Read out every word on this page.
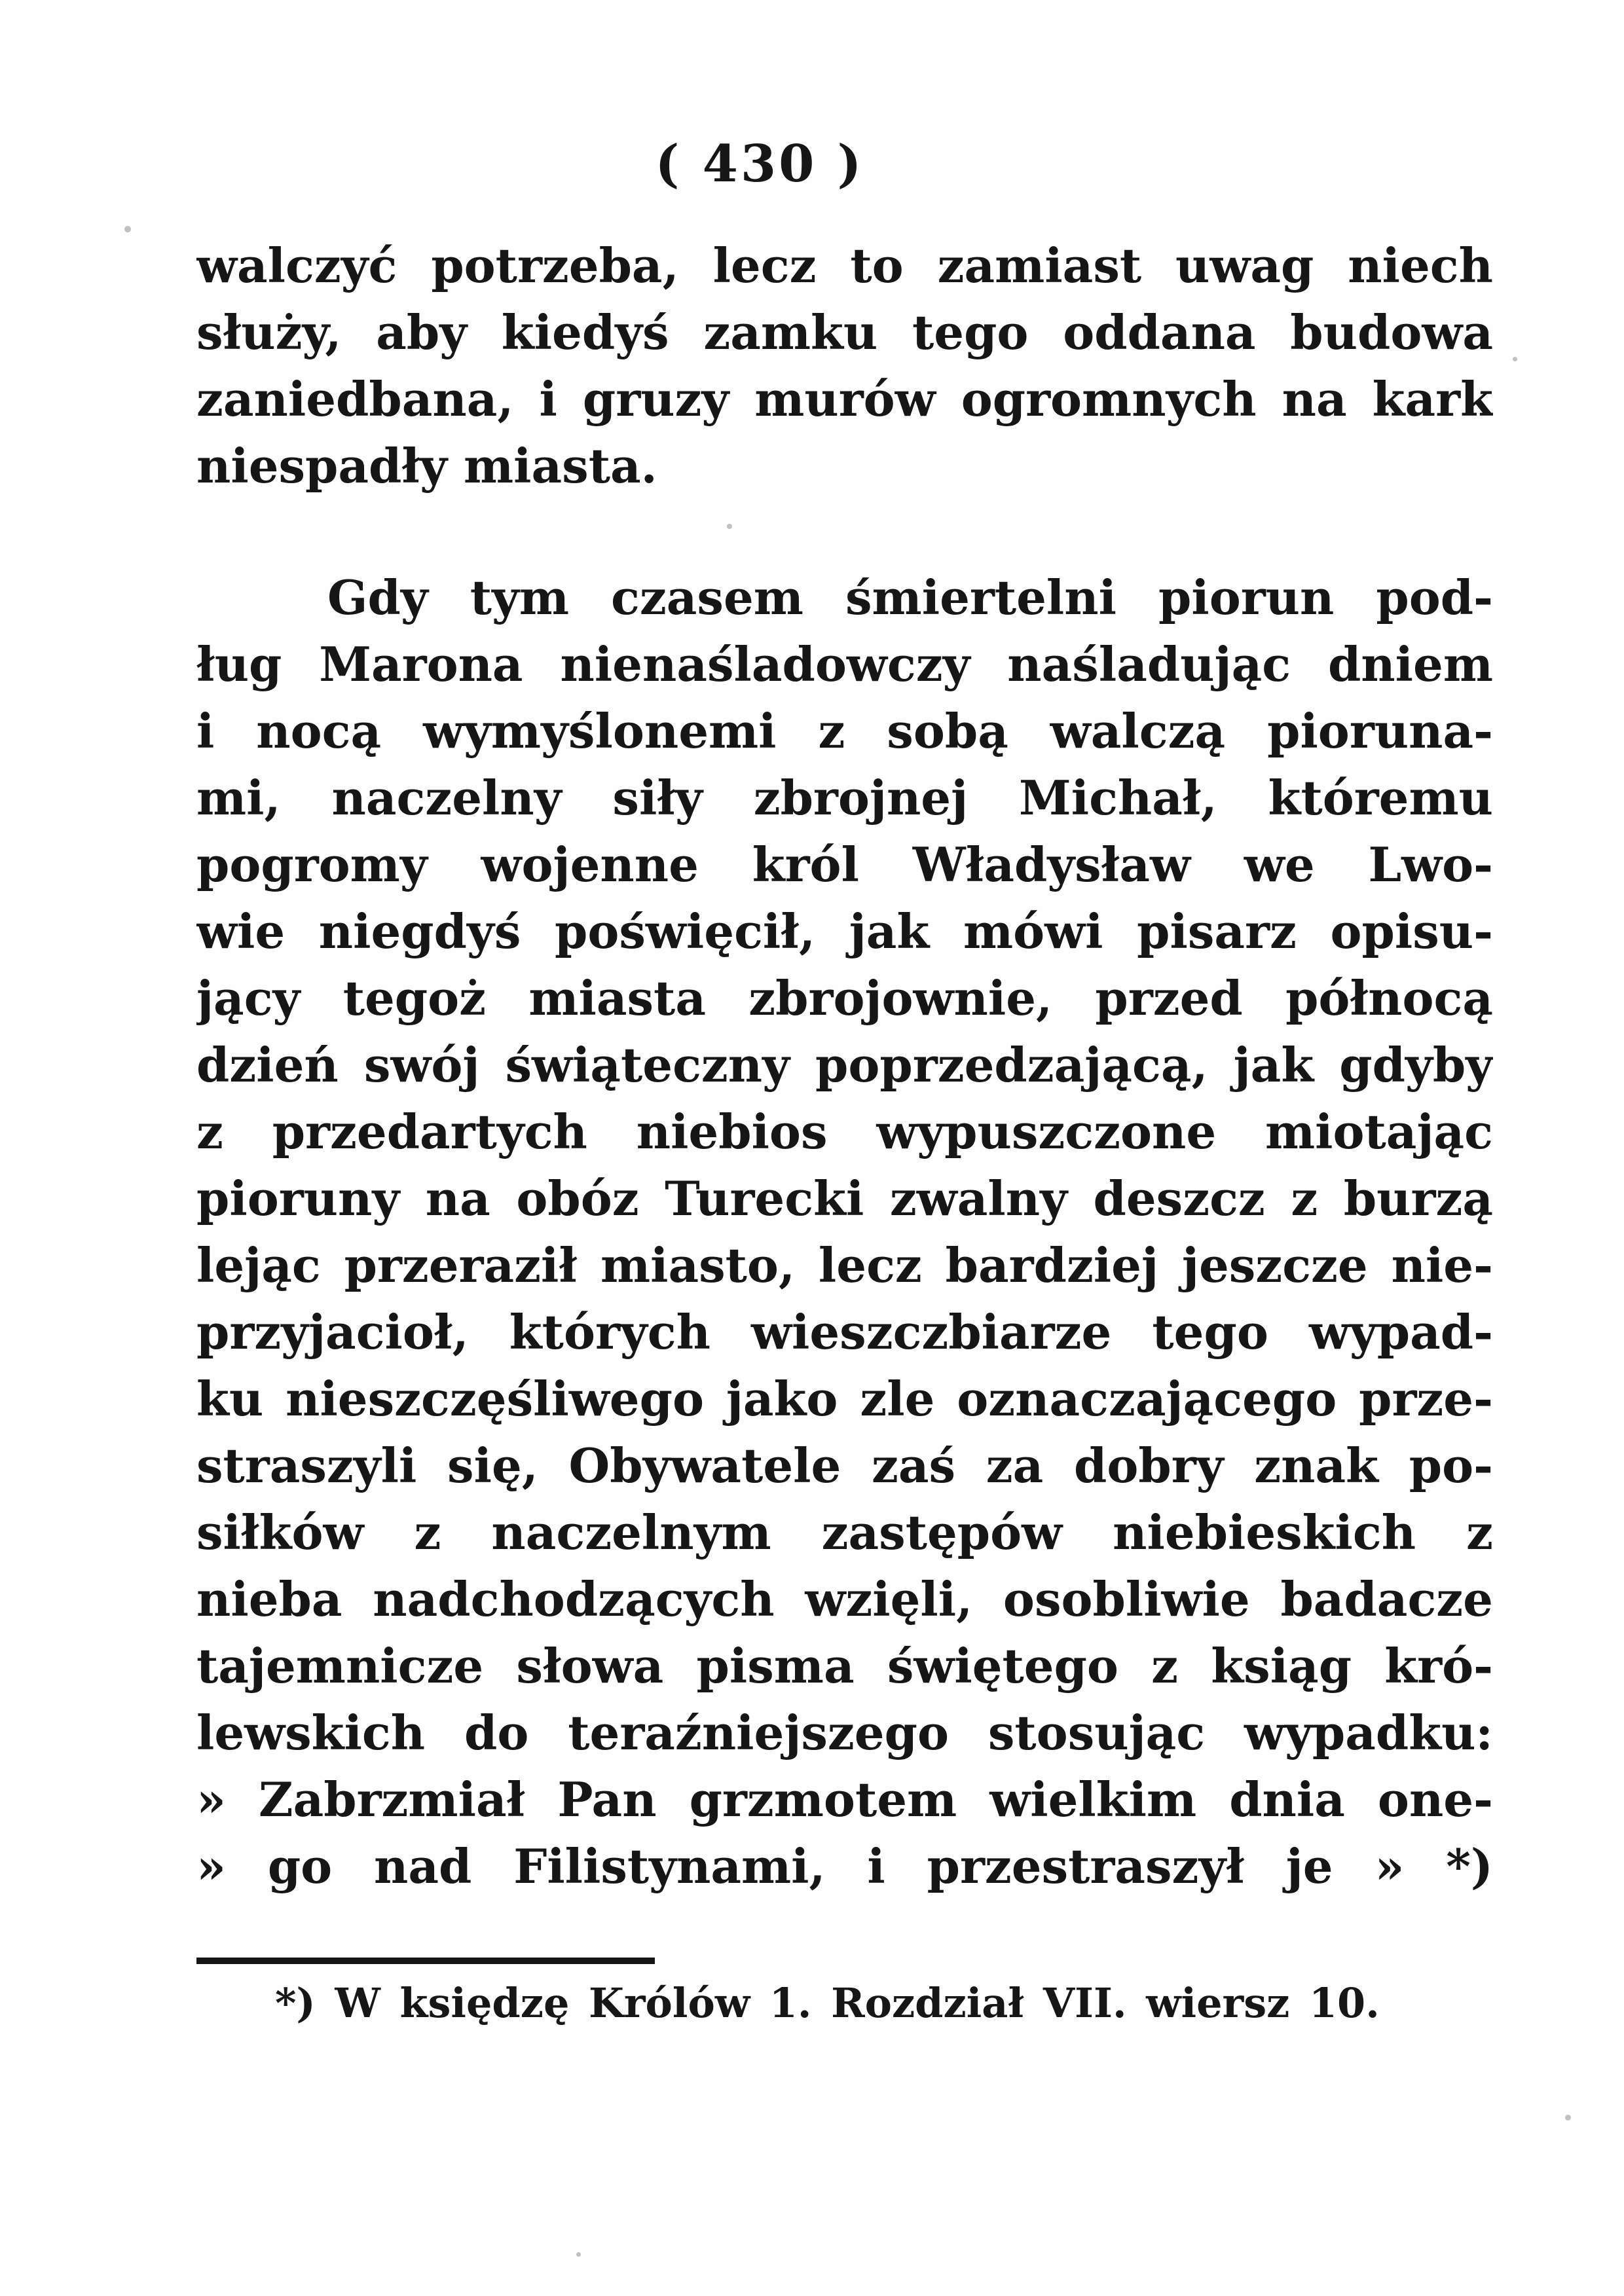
( 430 )
walczyć potrzeba, lecz to zamiast uwag niech
służy, aby kiedyś zamku tego oddana budowa
zaniedbana, i gruzy murów ogromnych na kark
niespadły miasta.
Gdy tym czasem śmiertelni piorun pod-
ług Marona nienaśladowczy naśladując dniem
i nocą wymyślonemi z sobą walczą pioruna-
mi, naczelny siły zbrojnej Michał, któremu
pogromy wojenne król Władysław we Lwo-
wie niegdyś poświęcił, jak mówi pisarz opisu-
jący tegoż miasta zbrojownie, przed północą
dzień swój świąteczny poprzedzającą, jak gdyby
z przedartych niebios wypuszczone miotając
pioruny na obóz Turecki zwalny deszcz z burzą
lejąc przeraził miasto, lecz bardziej jeszcze nie-
przyjacioł, których wieszczbiarze tego wypad-
ku nieszczęśliwego jako zle oznaczającego prze-
straszyli się, Obywatele zaś za dobry znak po-
siłków z naczelnym zastępów niebieskich z
nieba nadchodzących wzięli, osobliwie badacze
tajemnicze słowa pisma świętego z ksiąg kró-
lewskich do teraźniejszego stosując wypadku:
» Zabrzmiał Pan grzmotem wielkim dnia one-
» go nad Filistynami, i przestraszył je » *)
*) W księdzę Królów 1. Rozdział VII. wiersz 10.
